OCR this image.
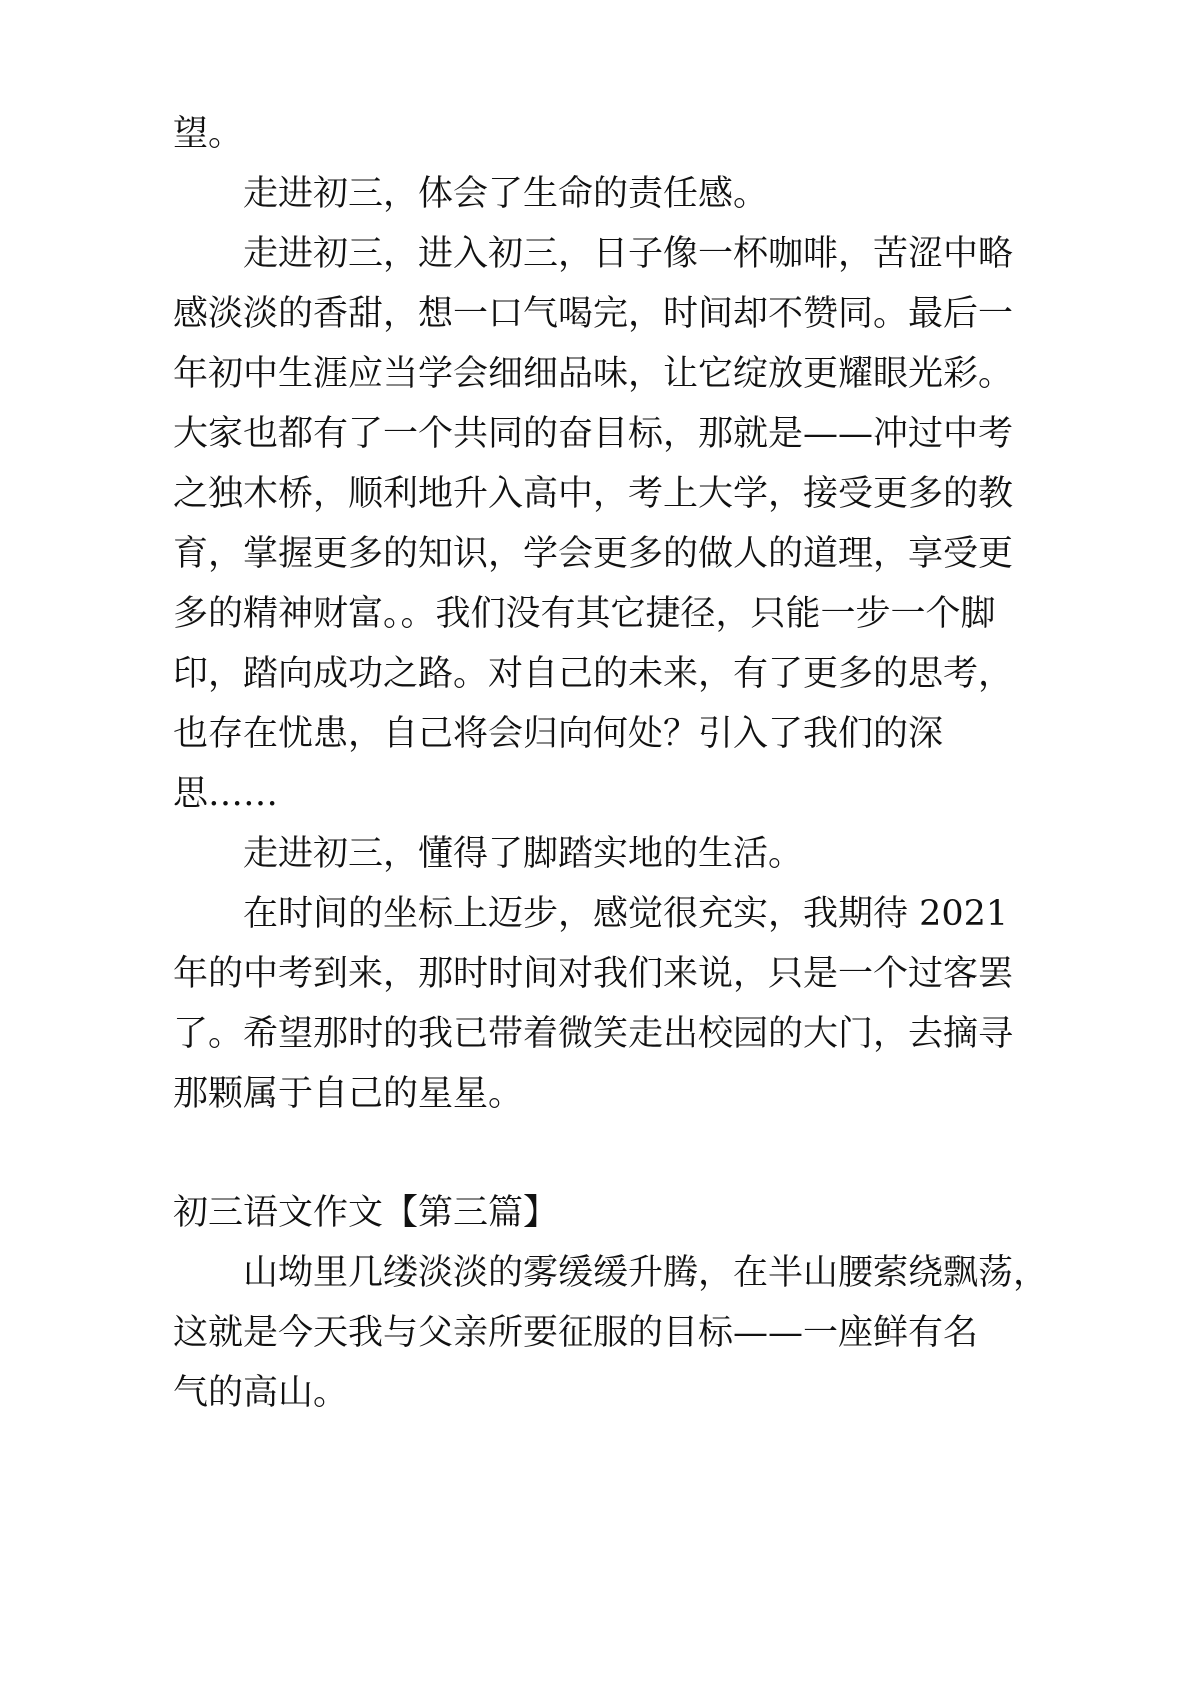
望。
走进初三，体会了生命的责任感。
走进初三，进入初三，日子像一杯咖啡，苦涩中略
感淡淡的香甜，想一口气喝完，时间却不赞同。最后一
年初中生涯应当学会细细品味，让它绽放更耀眼光彩。
大家也都有了一个共同的奋目标，那就是——冲过中考
之独木桥，顺利地升入高中，考上大学，接受更多的教
育，掌握更多的知识，学会更多的做人的道理，享受更
多的精神财富。。我们没有其它捷径，只能一步一个脚
印，踏向成功之路。对自己的未来，有了更多的思考，
也存在忧患，自己将会归向何处？引入了我们的深
思……
走进初三，懂得了脚踏实地的生活。
在时间的坐标上迈步，感觉很充实，我期待 2021
年的中考到来，那时时间对我们来说，只是一个过客罢
了。希望那时的我已带着微笑走出校园的大门，去摘寻
那颗属于自己的星星。
初三语文作文【第三篇】
山坳里几缕淡淡的雾缓缓升腾，在半山腰萦绕飘荡，
这就是今天我与父亲所要征服的目标——一座鲜有名
气的高山。
